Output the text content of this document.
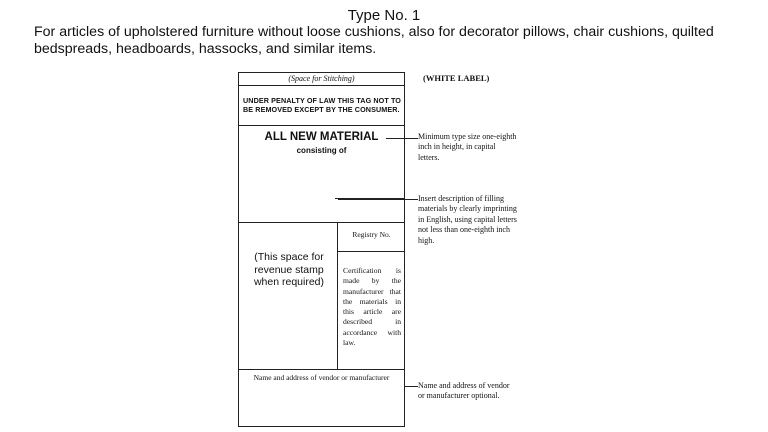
Type No. 1
For articles of upholstered furniture without loose cushions, also for decorator pillows, chair cushions, quilted bedspreads, headboards, hassocks, and similar items.
(Space for Stitching)
UNDER PENALTY OF LAW THIS TAG NOT TO BE REMOVED EXCEPT BY THE CONSUMER.
ALL NEW MATERIAL
consisting of
(This space for revenue stamp when required)
Registry No.
Certification is made by the manufacturer that the materials in this article are described in accordance with law.
Name and address of vendor or manufacturer
(WHITE LABEL)
Minimum type size one-eighth inch in height, in capital letters.
Insert description of filling materials by clearly imprinting in English, using capital letters not less than one-eighth inch high.
Name and address of vendor or manufacturer optional.
